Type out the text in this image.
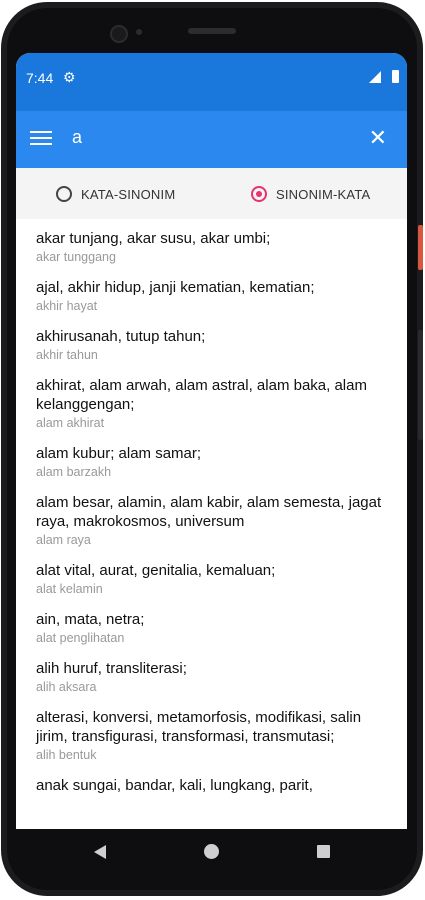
7:44 ⚙
a	✕
KATA-SINONIM	SINONIM-KATA
akar tunjang, akar susu, akar umbi;
akar tunggang
ajal, akhir hidup, janji kematian, kematian;
akhir hayat
akhirusanah, tutup tahun;
akhir tahun
akhirat, alam arwah, alam astral, alam baka, alam kelanggengan;
alam akhirat
alam kubur; alam samar;
alam barzakh
alam besar, alamin, alam kabir, alam semesta, jagat raya, makrokosmos, universum
alam raya
alat vital, aurat, genitalia, kemaluan;
alat kelamin
ain, mata, netra;
alat penglihatan
alih huruf, transliterasi;
alih aksara
alterasi, konversi, metamorfosis, modifikasi, salin jirim, transfigurasi, transformasi, transmutasi;
alih bentuk
anak sungai, bandar, kali, lungkang, parit,
